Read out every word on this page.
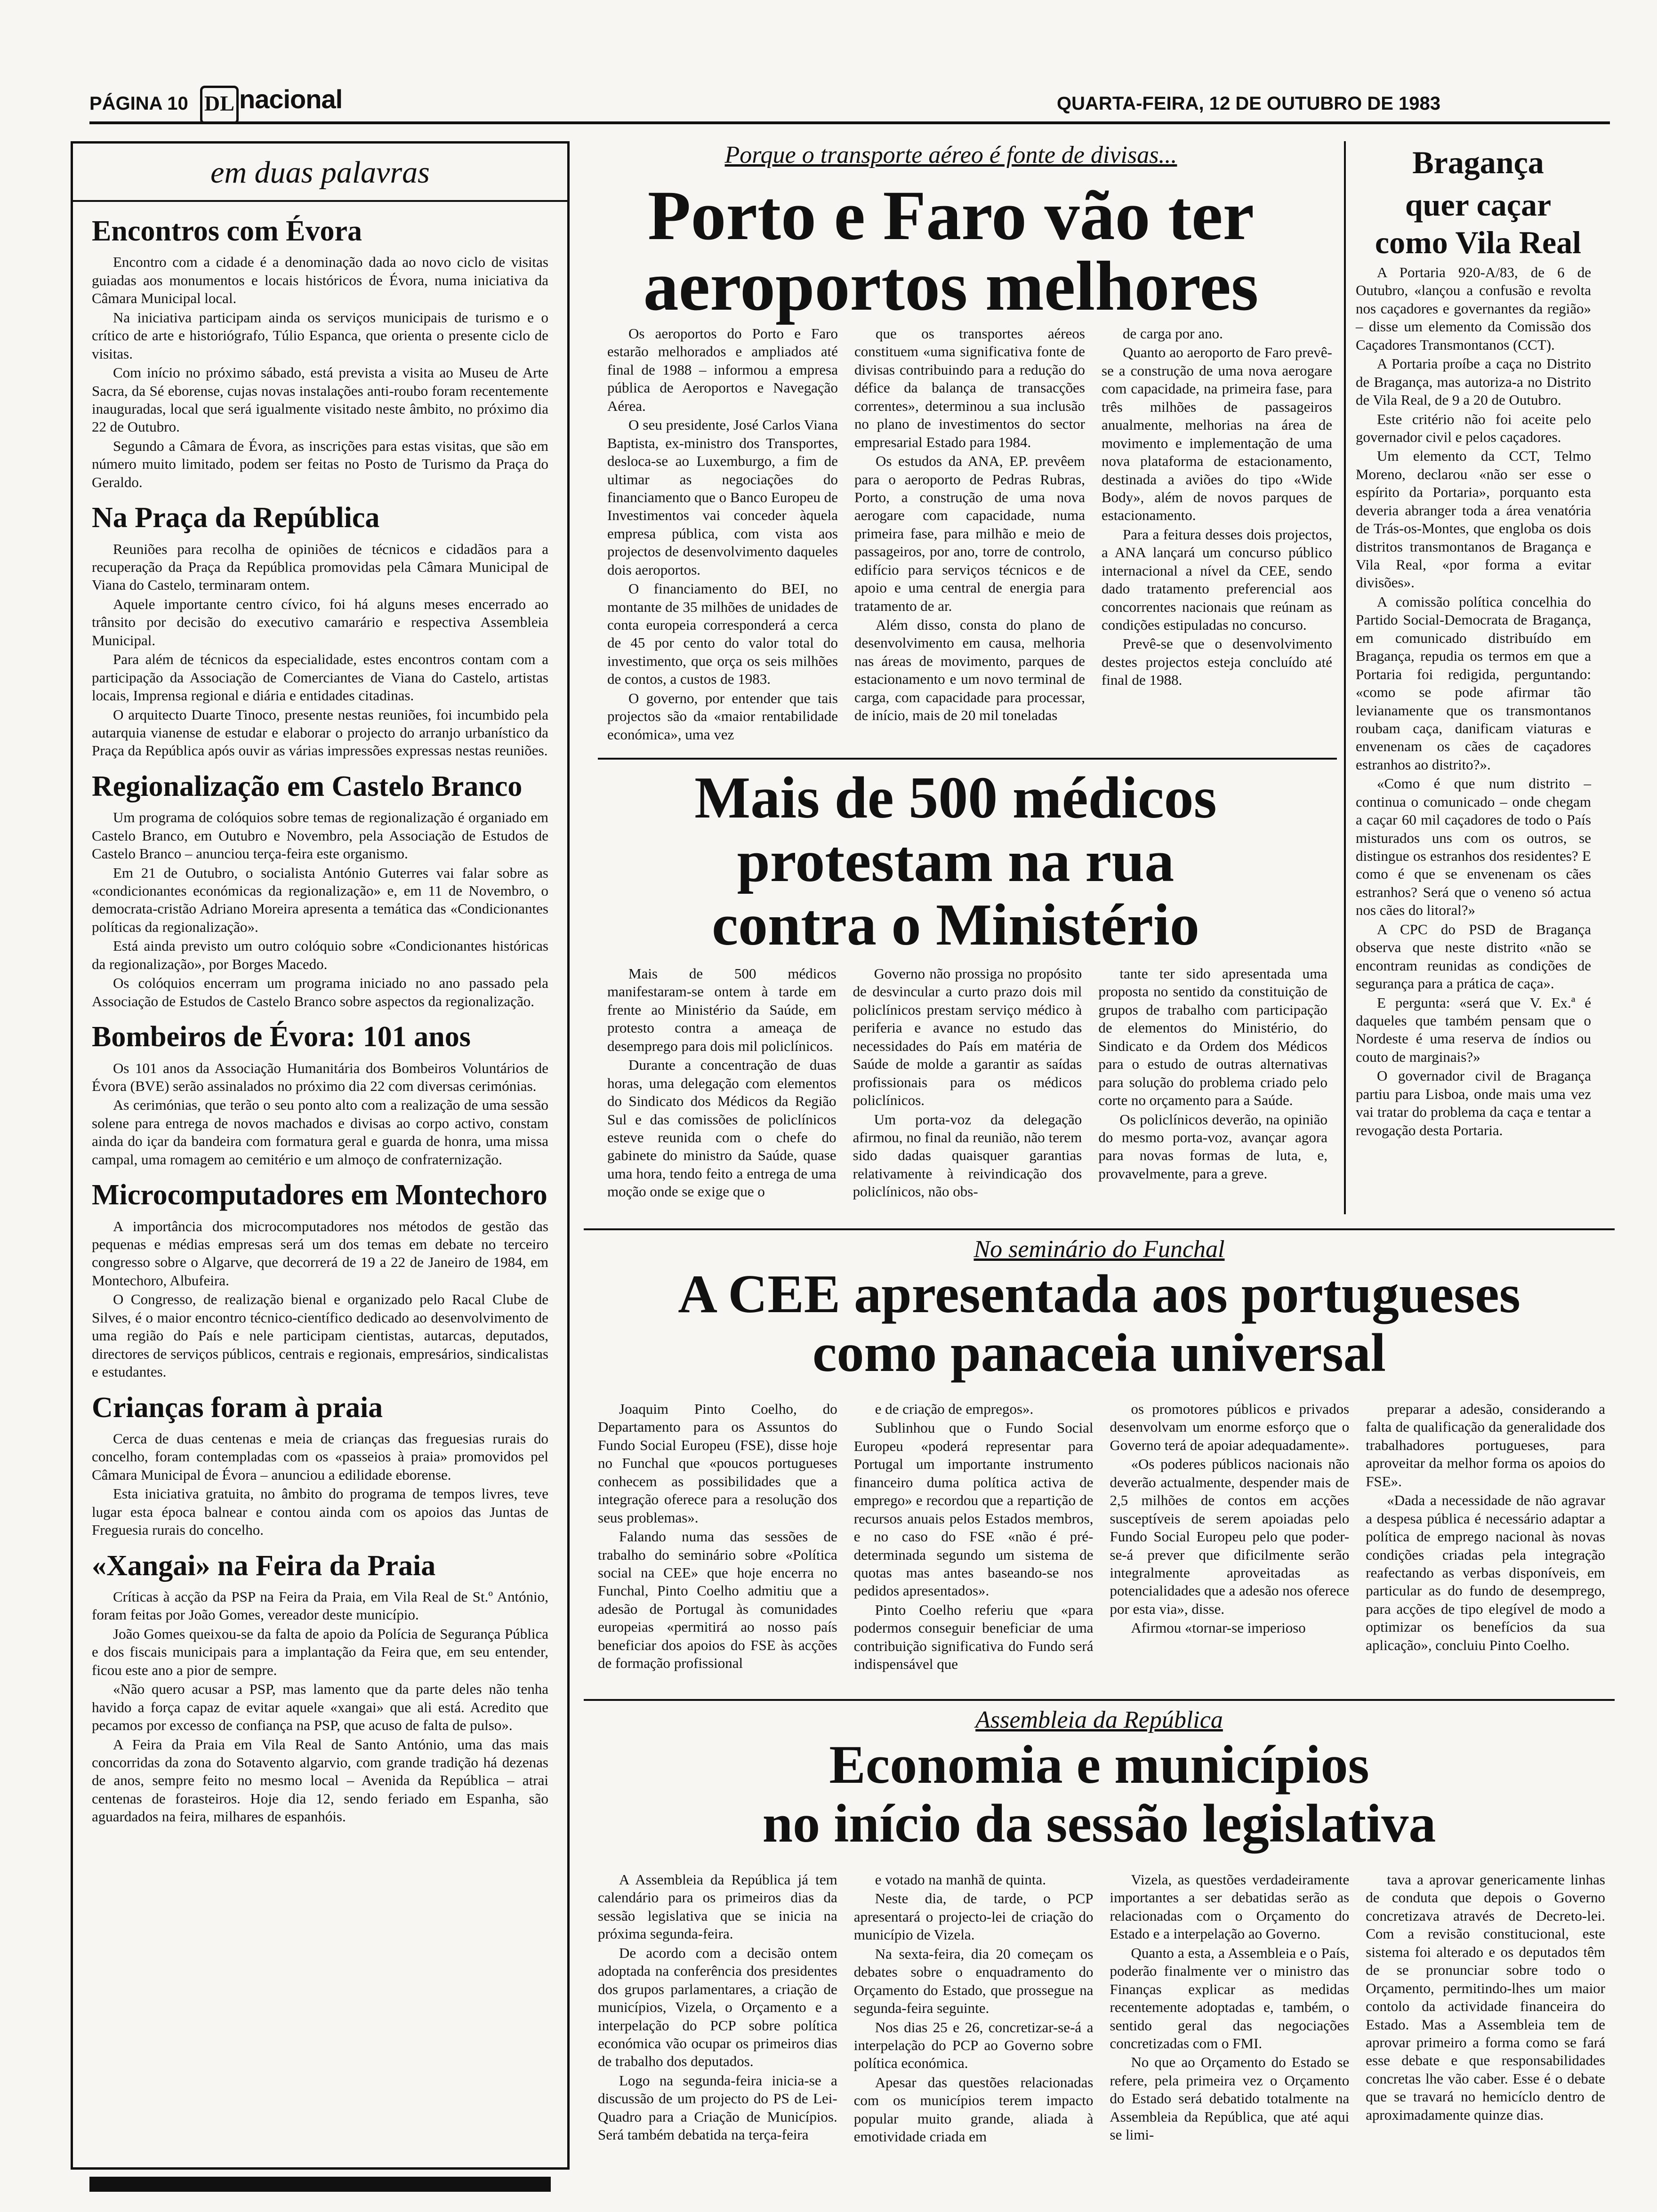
PÁGINA 10 DL nacional	QUARTA-FEIRA, 12 DE OUTUBRO DE 1983
em duas palavras
Encontros com Évora

Encontro com a cidade é a denominação dada ao novo ciclo de visitas guiadas aos monumentos e locais históricos de Évora, numa iniciativa da Câmara Municipal local.

Na iniciativa participam ainda os serviços municipais de turismo e o crítico de arte e historiógrafo, Túlio Espanca, que orienta o presente ciclo de visitas.

Com início no próximo sábado, está prevista a visita ao Museu de Arte Sacra, da Sé eborense, cujas novas instalações anti-roubo foram recentemente inauguradas, local que será igualmente visitado neste âmbito, no próximo dia 22 de Outubro.

Segundo a Câmara de Évora, as inscrições para estas visitas, que são em número muito limitado, podem ser feitas no Posto de Turismo da Praça do Geraldo.

Na Praça da República

Reuniões para recolha de opiniões de técnicos e cidadãos para a recuperação da Praça da República promovidas pela Câmara Municipal de Viana do Castelo, terminaram ontem.

Aquele importante centro cívico, foi há alguns meses encerrado ao trânsito por decisão do executivo camarário e respectiva Assembleia Municipal.

Para além de técnicos da especialidade, estes encontros contam com a participação da Associação de Comerciantes de Viana do Castelo, artistas locais, Imprensa regional e diária e entidades citadinas.

O arquitecto Duarte Tinoco, presente nestas reuniões, foi incumbido pela autarquia vianense de estudar e elaborar o projecto do arranjo urbanístico da Praça da República após ouvir as várias impressões expressas nestas reuniões.

Regionalização em Castelo Branco

Um programa de colóquios sobre temas de regionalização é organiado em Castelo Branco, em Outubro e Novembro, pela Associação de Estudos de Castelo Branco – anunciou terça-feira este organismo.

Em 21 de Outubro, o socialista António Guterres vai falar sobre as «condicionantes económicas da regionalização» e, em 11 de Novembro, o democrata-cristão Adriano Moreira apresenta a temática das «Condicionantes políticas da regionalização».

Está ainda previsto um outro colóquio sobre «Condicionantes históricas da regionalização», por Borges Macedo.

Os colóquios encerram um programa iniciado no ano passado pela Associação de Estudos de Castelo Branco sobre aspectos da regionalização.

Bombeiros de Évora: 101 anos

Os 101 anos da Associação Humanitária dos Bombeiros Voluntários de Évora (BVE) serão assinalados no próximo dia 22 com diversas cerimónias.

As cerimónias, que terão o seu ponto alto com a realização de uma sessão solene para entrega de novos machados e divisas ao corpo activo, constam ainda do içar da bandeira com formatura geral e guarda de honra, uma missa campal, uma romagem ao cemitério e um almoço de confraternização.

Microcomputadores em Montechoro

A importância dos microcomputadores nos métodos de gestão das pequenas e médias empresas será um dos temas em debate no terceiro congresso sobre o Algarve, que decorrerá de 19 a 22 de Janeiro de 1984, em Montechoro, Albufeira.

O Congresso, de realização bienal e organizado pelo Racal Clube de Silves, é o maior encontro técnico-científico dedicado ao desenvolvimento de uma região do País e nele participam cientistas, autarcas, deputados, directores de serviços públicos, centrais e regionais, empresários, sindicalistas e estudantes.

Crianças foram à praia

Cerca de duas centenas e meia de crianças das freguesias rurais do concelho, foram contempladas com os «passeios à praia» promovidos pel Câmara Municipal de Évora – anunciou a edilidade eborense.

Esta iniciativa gratuita, no âmbito do programa de tempos livres, teve lugar esta época balnear e contou ainda com os apoios das Juntas de Freguesia rurais do concelho.

«Xangai» na Feira da Praia

Críticas à acção da PSP na Feira da Praia, em Vila Real de St.º António, foram feitas por João Gomes, vereador deste município.

João Gomes queixou-se da falta de apoio da Polícia de Segurança Pública e dos fiscais municipais para a implantação da Feira que, em seu entender, ficou este ano a pior de sempre.

«Não quero acusar a PSP, mas lamento que da parte deles não tenha havido a força capaz de evitar aquele «xangai» que ali está. Acredito que pecamos por excesso de confiança na PSP, que acuso de falta de pulso».

A Feira da Praia em Vila Real de Santo António, uma das mais concorridas da zona do Sotavento algarvio, com grande tradição há dezenas de anos, sempre feito no mesmo local – Avenida da República – atrai centenas de forasteiros. Hoje dia 12, sendo feriado em Espanha, são aguardados na feira, milhares de espanhóis.

Porque o transporte aéreo é fonte de divisas...
Porto e Faro vão ter
aeroportos melhores

Os aeroportos do Porto e Faro estarão melhorados e ampliados até final de 1988 – informou a empresa pública de Aeroportos e Navegação Aérea.

O seu presidente, José Carlos Viana Baptista, ex-ministro dos Transportes, desloca-se ao Luxemburgo, a fim de ultimar as negociações do financiamento que o Banco Europeu de Investimentos vai conceder àquela empresa pública, com vista aos projectos de desenvolvimento daqueles dois aeroportos.

O financiamento do BEI, no montante de 35 milhões de unidades de conta europeia corresponderá a cerca de 45 por cento do valor total do investimento, que orça os seis milhões de contos, a custos de 1983.

O governo, por entender que tais projectos são da «maior rentabilidade económica», uma vez

que os transportes aéreos constituem «uma significativa fonte de divisas contribuindo para a redução do défice da balança de transacções correntes», determinou a sua inclusão no plano de investimentos do sector empresarial Estado para 1984.

Os estudos da ANA, EP. prevêem para o aeroporto de Pedras Rubras, Porto, a construção de uma nova aerogare com capacidade, numa primeira fase, para milhão e meio de passageiros, por ano, torre de controlo, edifício para serviços técnicos e de apoio e uma central de energia para tratamento de ar.

Além disso, consta do plano de desenvolvimento em causa, melhoria nas áreas de movimento, parques de estacionamento e um novo terminal de carga, com capacidade para processar, de início, mais de 20 mil toneladas

de carga por ano.

Quanto ao aeroporto de Faro prevê-se a construção de uma nova aerogare com capacidade, na primeira fase, para três milhões de passageiros anualmente, melhorias na área de movimento e implementação de uma nova plataforma de estacionamento, destinada a aviões do tipo «Wide Body», além de novos parques de estacionamento.

Para a feitura desses dois projectos, a ANA lançará um concurso público internacional a nível da CEE, sendo dado tratamento preferencial aos concorrentes nacionais que reúnam as condições estipuladas no concurso.

Prevê-se que o desenvolvimento destes projectos esteja concluído até final de 1988.

Bragança
quer caçar
como Vila Real

A Portaria 920-A/83, de 6 de Outubro, «lançou a confusão e revolta nos caçadores e governantes da região» – disse um elemento da Comissão dos Caçadores Transmontanos (CCT).

A Portaria proíbe a caça no Distrito de Bragança, mas autoriza-a no Distrito de Vila Real, de 9 a 20 de Outubro.

Este critério não foi aceite pelo governador civil e pelos caçadores.

Um elemento da CCT, Telmo Moreno, declarou «não ser esse o espírito da Portaria», porquanto esta deveria abranger toda a área venatória de Trás-os-Montes, que engloba os dois distritos transmontanos de Bragança e Vila Real, «por forma a evitar divisões».

A comissão política concelhia do Partido Social-Democrata de Bragança, em comunicado distribuído em Bragança, repudia os termos em que a Portaria foi redigida, perguntando: «como se pode afirmar tão levianamente que os transmontanos roubam caça, danificam viaturas e envenenam os cães de caçadores estranhos ao distrito?».

«Como é que num distrito – continua o comunicado – onde chegam a caçar 60 mil caçadores de todo o País misturados uns com os outros, se distingue os estranhos dos residentes? E como é que se envenenam os cães estranhos? Será que o veneno só actua nos cães do litoral?»

A CPC do PSD de Bragança observa que neste distrito «não se encontram reunidas as condições de segurança para a prática de caça».

E pergunta: «será que V. Ex.ª é daqueles que também pensam que o Nordeste é uma reserva de índios ou couto de marginais?»

O governador civil de Bragança partiu para Lisboa, onde mais uma vez vai tratar do problema da caça e tentar a revogação desta Portaria.

Mais de 500 médicos
protestam na rua
contra o Ministério

Mais de 500 médicos manifestaram-se ontem à tarde em frente ao Ministério da Saúde, em protesto contra a ameaça de desemprego para dois mil policlínicos.

Durante a concentração de duas horas, uma delegação com elementos do Sindicato dos Médicos da Região Sul e das comissões de policlínicos esteve reunida com o chefe do gabinete do ministro da Saúde, quase uma hora, tendo feito a entrega de uma moção onde se exige que o

Governo não prossiga no propósito de desvincular a curto prazo dois mil policlínicos prestam serviço médico à periferia e avance no estudo das necessidades do País em matéria de Saúde de molde a garantir as saídas profissionais para os médicos policlínicos.

Um porta-voz da delegação afirmou, no final da reunião, não terem sido dadas quaisquer garantias relativamente à reivindicação dos policlínicos, não obs-

tante ter sido apresentada uma proposta no sentido da constituição de grupos de trabalho com participação de elementos do Ministério, do Sindicato e da Ordem dos Médicos para o estudo de outras alternativas para solução do problema criado pelo corte no orçamento para a Saúde.

Os policlínicos deverão, na opinião do mesmo porta-voz, avançar agora para novas formas de luta, e, provavelmente, para a greve.

No seminário do Funchal
A CEE apresentada aos portugueses
como panaceia universal

Joaquim Pinto Coelho, do Departamento para os Assuntos do Fundo Social Europeu (FSE), disse hoje no Funchal que «poucos portugueses conhecem as possibilidades que a integração oferece para a resolução dos seus problemas».

Falando numa das sessões de trabalho do seminário sobre «Política social na CEE» que hoje encerra no Funchal, Pinto Coelho admitiu que a adesão de Portugal às comunidades europeias «permitirá ao nosso país beneficiar dos apoios do FSE às acções de formação profissional

e de criação de empregos».

Sublinhou que o Fundo Social Europeu «poderá representar para Portugal um importante instrumento financeiro duma política activa de emprego» e recordou que a repartição de recursos anuais pelos Estados membros, e no caso do FSE «não é pré-determinada segundo um sistema de quotas mas antes baseando-se nos pedidos apresentados».

Pinto Coelho referiu que «para podermos conseguir beneficiar de uma contribuição significativa do Fundo será indispensável que

os promotores públicos e privados desenvolvam um enorme esforço que o Governo terá de apoiar adequadamente».

«Os poderes públicos nacionais não deverão actualmente, despender mais de 2,5 milhões de contos em acções susceptíveis de serem apoiadas pelo Fundo Social Europeu pelo que poder-se-á prever que dificilmente serão integralmente aproveitadas as potencialidades que a adesão nos oferece por esta via», disse.

Afirmou «tornar-se imperioso

preparar a adesão, considerando a falta de qualificação da generalidade dos trabalhadores portugueses, para aproveitar da melhor forma os apoios do FSE».

«Dada a necessidade de não agravar a despesa pública é necessário adaptar a política de emprego nacional às novas condições criadas pela integração reafectando as verbas disponíveis, em particular as do fundo de desemprego, para acções de tipo elegível de modo a optimizar os benefícios da sua aplicação», concluiu Pinto Coelho.

Assembleia da República
Economia e municípios
no início da sessão legislativa

A Assembleia da República já tem calendário para os primeiros dias da sessão legislativa que se inicia na próxima segunda-feira.

De acordo com a decisão ontem adoptada na conferência dos presidentes dos grupos parlamentares, a criação de municípios, Vizela, o Orçamento e a interpelação do PCP sobre política económica vão ocupar os primeiros dias de trabalho dos deputados.

Logo na segunda-feira inicia-se a discussão de um projecto do PS de Lei-Quadro para a Criação de Municípios. Será também debatida na terça-feira

e votado na manhã de quinta.

Neste dia, de tarde, o PCP apresentará o projecto-lei de criação do município de Vizela.

Na sexta-feira, dia 20 começam os debates sobre o enquadramento do Orçamento do Estado, que prossegue na segunda-feira seguinte.

Nos dias 25 e 26, concretizar-se-á a interpelação do PCP ao Governo sobre política económica.

Apesar das questões relacionadas com os municípios terem impacto popular muito grande, aliada à emotividade criada em

Vizela, as questões verdadeiramente importantes a ser debatidas serão as relacionadas com o Orçamento do Estado e a interpelação ao Governo.

Quanto a esta, a Assembleia e o País, poderão finalmente ver o ministro das Finanças explicar as medidas recentemente adoptadas e, também, o sentido geral das negociações concretizadas com o FMI.

No que ao Orçamento do Estado se refere, pela primeira vez o Orçamento do Estado será debatido totalmente na Assembleia da República, que até aqui se limi-

tava a aprovar genericamente linhas de conduta que depois o Governo concretizava através de Decreto-lei. Com a revisão constitucional, este sistema foi alterado e os deputados têm de se pronunciar sobre todo o Orçamento, permitindo-lhes um maior contolo da actividade financeira do Estado. Mas a Assembleia tem de aprovar primeiro a forma como se fará esse debate e que responsabilidades concretas lhe vão caber. Esse é o debate que se travará no hemicíclo dentro de aproximadamente quinze dias.
